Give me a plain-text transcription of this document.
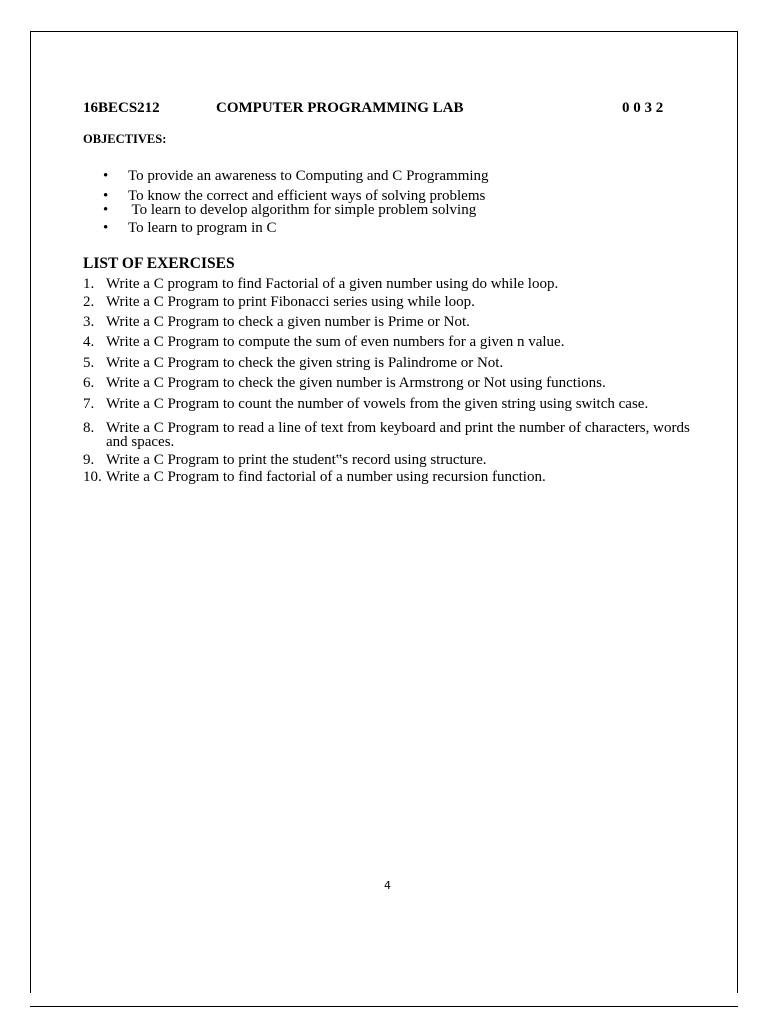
16BECS212	COMPUTER PROGRAMMING LAB	0 0 3 2
OBJECTIVES:
• To provide an awareness to Computing and C Programming
• To know the correct and efficient ways of solving problems
• To learn to develop algorithm for simple problem solving
• To learn to program in C
LIST OF EXERCISES
1. Write a C program to find Factorial of a given number using do while loop.
2. Write a C Program to print Fibonacci series using while loop.
3. Write a C Program to check a given number is Prime or Not.
4. Write a C Program to compute the sum of even numbers for a given n value.
5. Write a C Program to check the given string is Palindrome or Not.
6. Write a C Program to check the given number is Armstrong or Not using functions.
7. Write a C Program to count the number of vowels from the given string using switch case.
8. Write a C Program to read a line of text from keyboard and print the number of characters, words
and spaces.
9. Write a C Program to print the student‟s record using structure.
10. Write a C Program to find factorial of a number using recursion function.
4
